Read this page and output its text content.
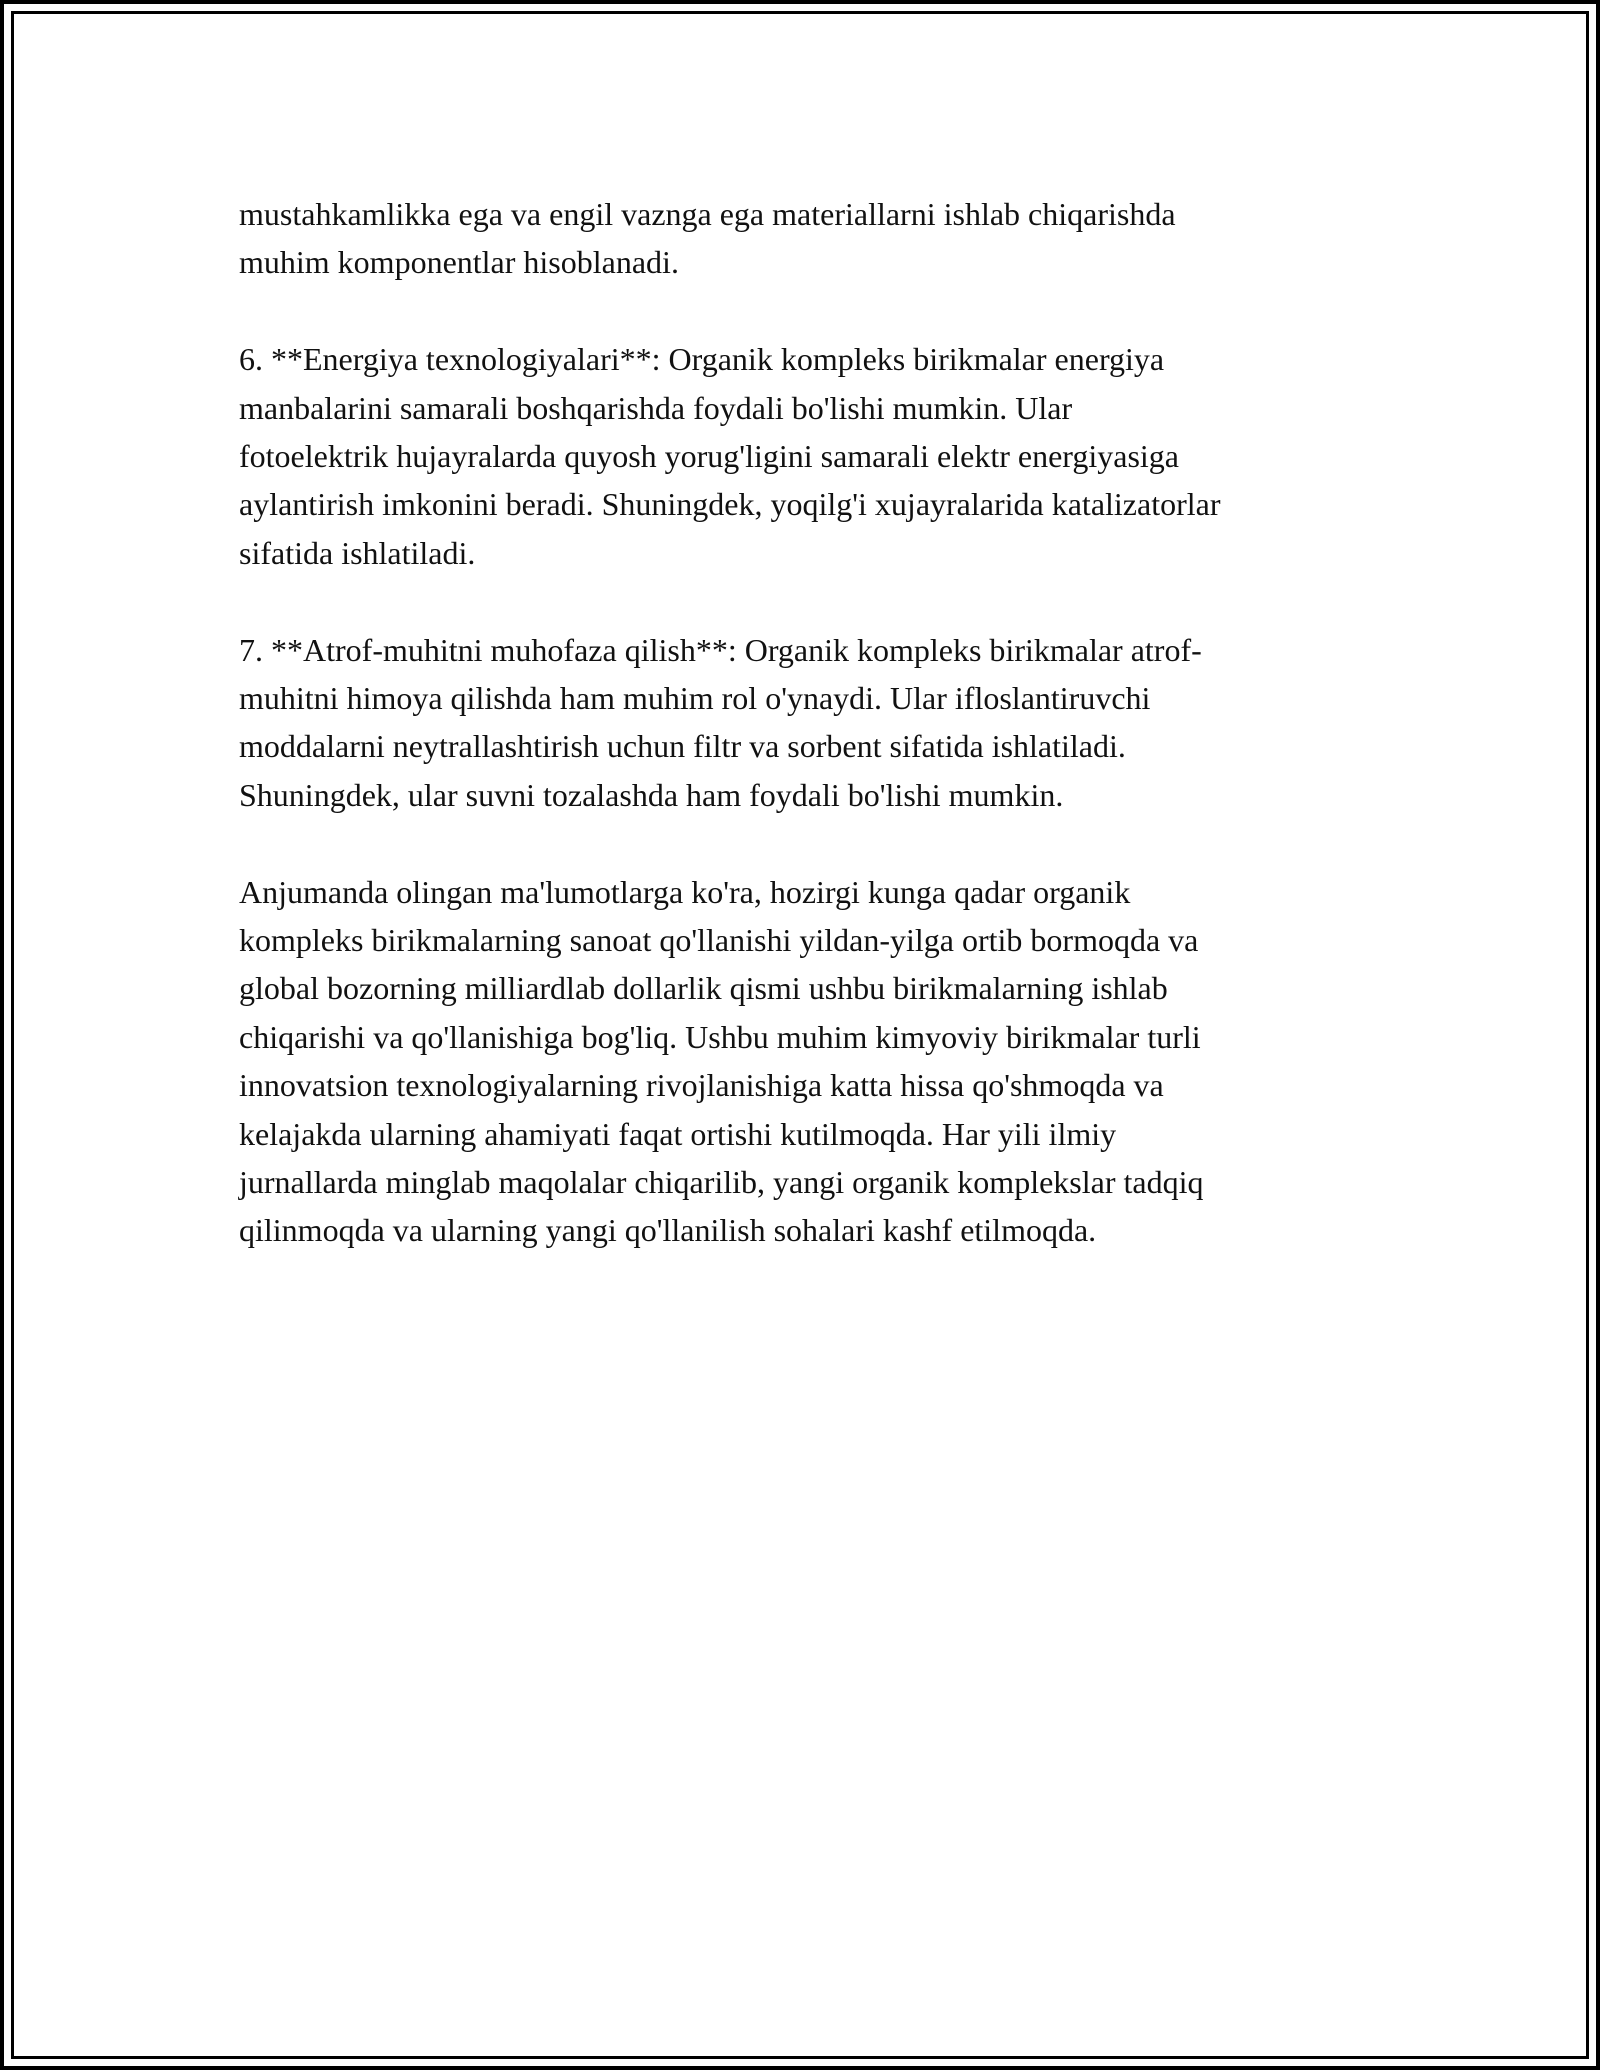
mustahkamlikka ega va engil vaznga ega materiallarni ishlab chiqarishda
muhim komponentlar hisoblanadi.

6. **Energiya texnologiyalari**: Organik kompleks birikmalar energiya
manbalarini samarali boshqarishda foydali bo'lishi mumkin. Ular
fotoelektrik hujayralarda quyosh yorug'ligini samarali elektr energiyasiga
aylantirish imkonini beradi. Shuningdek, yoqilg'i xujayralarida katalizatorlar
sifatida ishlatiladi.

7. **Atrof-muhitni muhofaza qilish**: Organik kompleks birikmalar atrof-
muhitni himoya qilishda ham muhim rol o'ynaydi. Ular ifloslantiruvchi
moddalarni neytrallashtirish uchun filtr va sorbent sifatida ishlatiladi.
Shuningdek, ular suvni tozalashda ham foydali bo'lishi mumkin.

Anjumanda olingan ma'lumotlarga ko'ra, hozirgi kunga qadar organik
kompleks birikmalarning sanoat qo'llanishi yildan-yilga ortib bormoqda va
global bozorning milliardlab dollarlik qismi ushbu birikmalarning ishlab
chiqarishi va qo'llanishiga bog'liq. Ushbu muhim kimyoviy birikmalar turli
innovatsion texnologiyalarning rivojlanishiga katta hissa qo'shmoqda va
kelajakda ularning ahamiyati faqat ortishi kutilmoqda. Har yili ilmiy
jurnallarda minglab maqolalar chiqarilib, yangi organik komplekslar tadqiq
qilinmoqda va ularning yangi qo'llanilish sohalari kashf etilmoqda.
